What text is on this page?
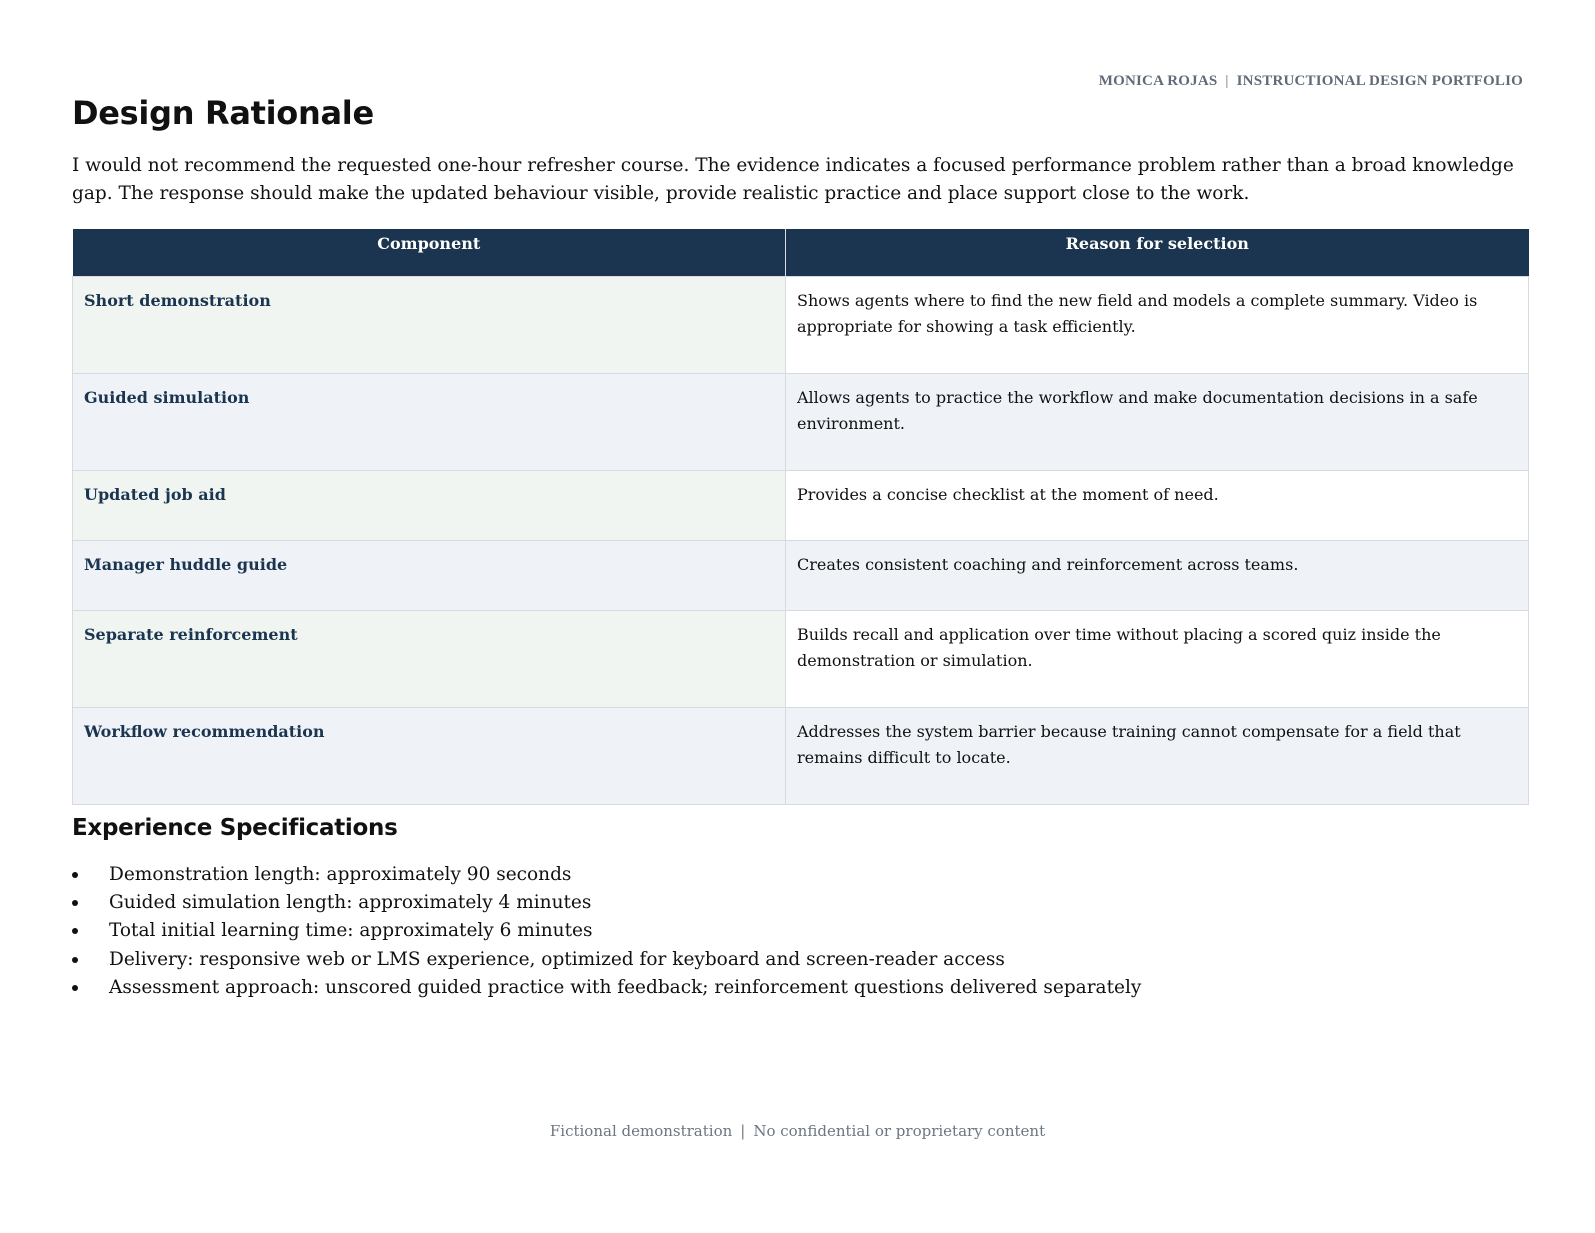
MONICA ROJAS | INSTRUCTIONAL DESIGN PORTFOLIO
Design Rationale

I would not recommend the requested one-hour refresher course. The evidence indicates a focused performance problem rather than a broad knowledge gap. The response should make the updated behaviour visible, provide realistic practice and place support close to the work.

Component	Reason for selection
Short demonstration	Shows agents where to find the new field and models a complete summary. Video is appropriate for showing a task efficiently.
Guided simulation	Allows agents to practice the workflow and make documentation decisions in a safe environment.
Updated job aid	Provides a concise checklist at the moment of need.
Manager huddle guide	Creates consistent coaching and reinforcement across teams.
Separate reinforcement	Builds recall and application over time without placing a scored quiz inside the demonstration or simulation.
Workflow recommendation	Addresses the system barrier because training cannot compensate for a field that remains difficult to locate.
Experience Specifications
Demonstration length: approximately 90 seconds
Guided simulation length: approximately 4 minutes
Total initial learning time: approximately 6 minutes
Delivery: responsive web or LMS experience, optimized for keyboard and screen-reader access
Assessment approach: unscored guided practice with feedback; reinforcement questions delivered separately
Fictional demonstration | No confidential or proprietary content
